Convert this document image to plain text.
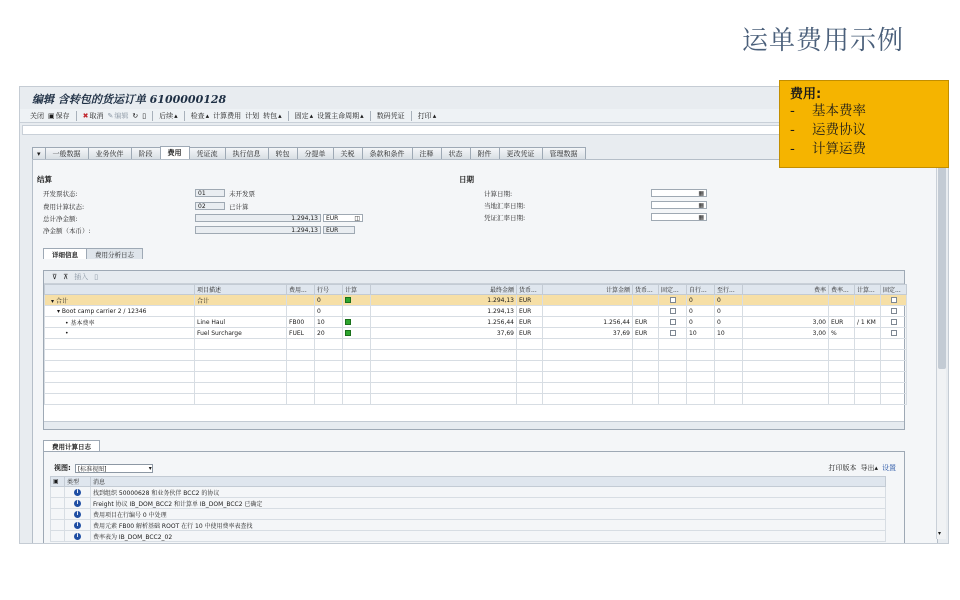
运单费用示例
编辑 含转包的货运订单 6100000128
关闭 ▣ 保存 ✖ 取消 ✎ 编辑 ↻ ▯ 后续 ▴ 检查 ▴ 计算费用 计划 转包 ▴ 固定 ▴ 设置主命周期 ▴ 数码凭证 打印 ▴
▾	一般数据	业务伙伴	阶段	费用	凭证流	执行信息	转包	分提单	关税	条款和条件	注释	状态	附件	更改凭证	管理数据
结算
开发票状态:	01	未开发票
费用计算状态:	02	已计算
总计净金额:	1.294,13	EUR	◫
净金额（本币）:	1.294,13	EUR
日期
计算日期:	▦
当地汇率日期:	▦
凭证汇率日期:	▦
详细信息	费用分析日志
⊽ ⊼ 插入 ▯
	项目描述	费用...	行号	计算	最终金额	货币...	计算金额	货币...	固定...	自行...	至行...	费率	费率...	计算...	固定...
▾ 合计	合计		0		1.294,13	EUR				0	0				
▾ Boot camp carrier 2 / 12346			0		1.294,13	EUR				0	0				
• 基本费率	Line Haul	FB00	10		1.256,44	EUR	1.256,44	EUR		0	0	3,00	EUR	/ 1 KM	
•	Fuel Surcharge	FUEL	20		37,69	EUR	37,69	EUR		10	10	3,00	%		

费用计算日志
视图: [标准视图]	▾	打印版本 导出▴ 设置
▣	类型	消息
	i	找到组织 50000628 和业务伙伴 BCC2 的协议
	i	Freight 协议 IB_DOM_BCC2 和计算单 IB_DOM_BCC2 已确定
	i	费用项目在行编号 0 中处理
	i	费用元素 FB00 解析基础 ROOT 在行 10 中使用费率表查找
	i	费率表为 IB_DOM_BCC2_02	▾
费用:
-	基本费率
-	运费协议
-	计算运费
